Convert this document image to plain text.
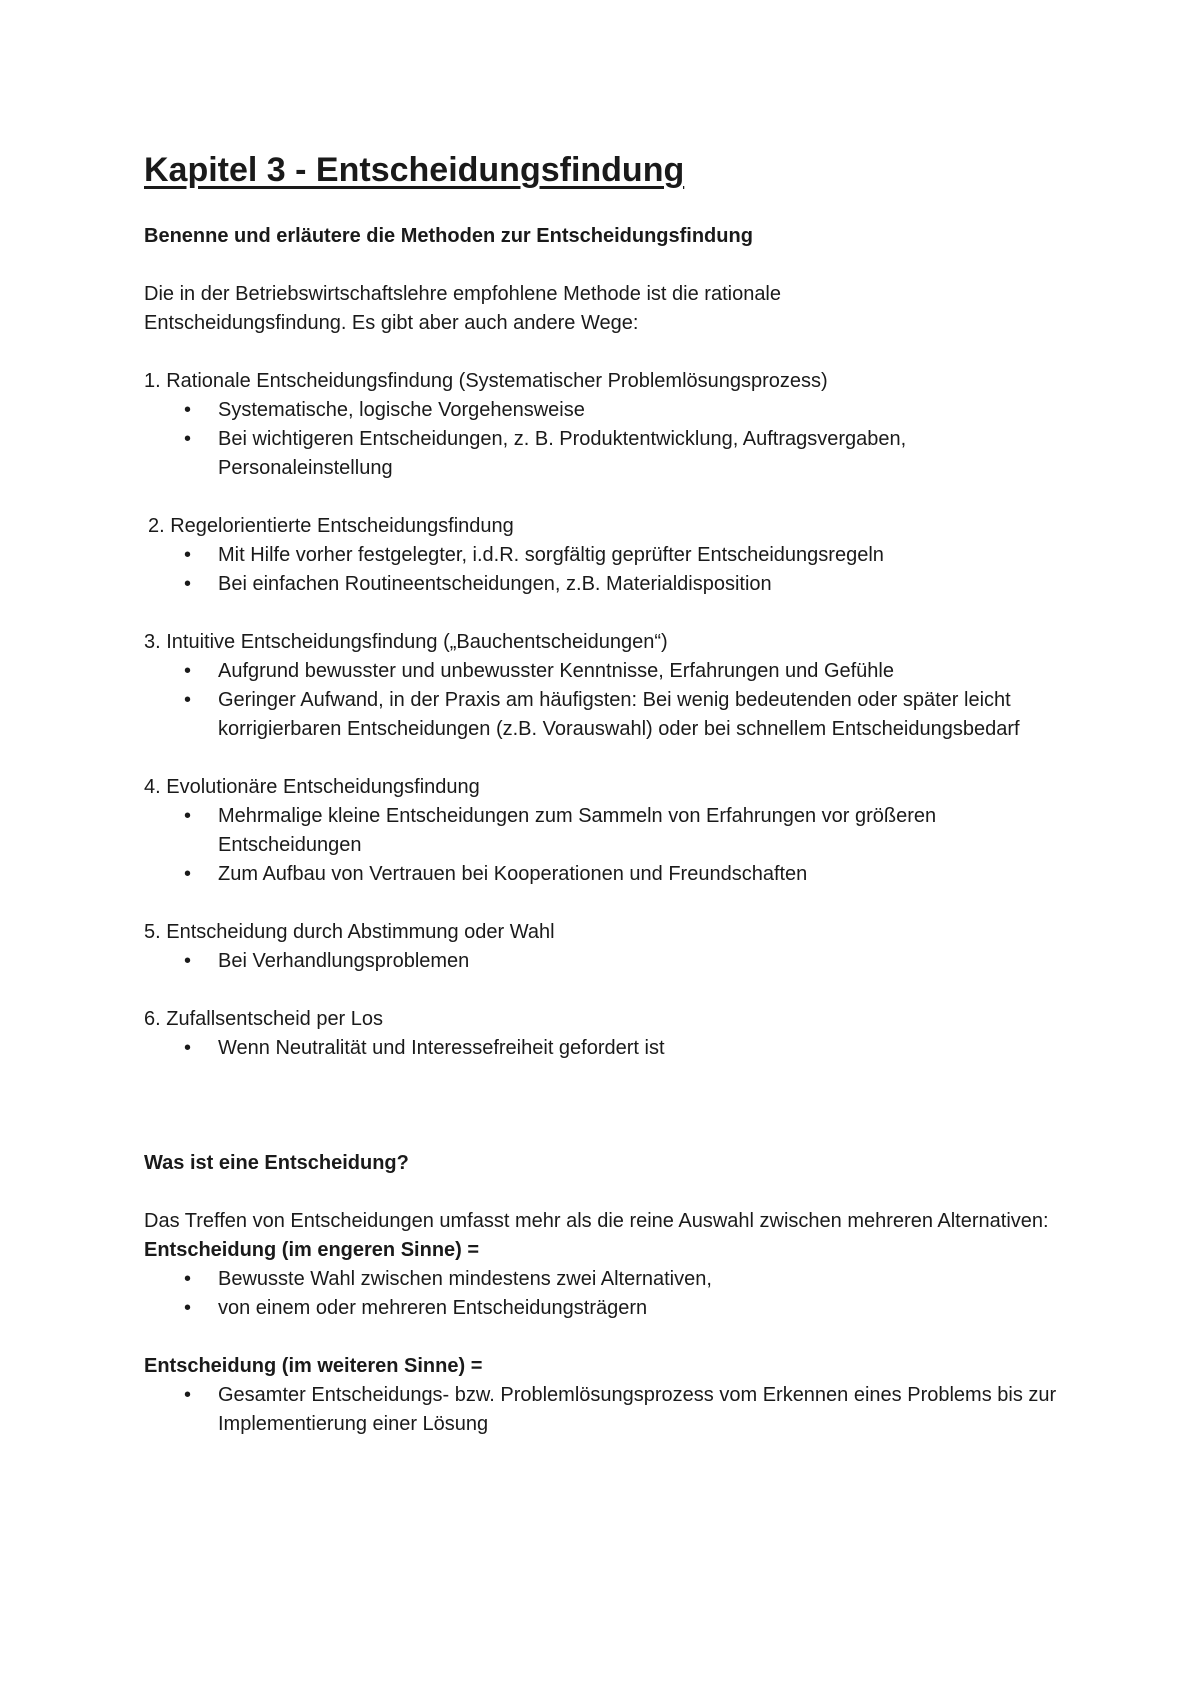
Kapitel 3 - Entscheidungsfindung

Benenne und erläutere die Methoden zur Entscheidungsfindung

Die in der Betriebswirtschaftslehre empfohlene Methode ist die rationale

Entscheidungsfindung. Es gibt aber auch andere Wege:

1. Rationale Entscheidungsfindung (Systematischer Problemlösungsprozess)

• Systematische, logische Vorgehensweise
• Bei wichtigeren Entscheidungen, z. B. Produktentwicklung, Auftragsvergaben, Personaleinstellung

2. Regelorientierte Entscheidungsfindung

• Mit Hilfe vorher festgelegter, i.d.R. sorgfältig geprüfter Entscheidungsregeln
• Bei einfachen Routineentscheidungen, z.B. Materialdisposition

3. Intuitive Entscheidungsfindung („Bauchentscheidungen“)

• Aufgrund bewusster und unbewusster Kenntnisse, Erfahrungen und Gefühle
• Geringer Aufwand, in der Praxis am häufigsten: Bei wenig bedeutenden oder später leicht korrigierbaren Entscheidungen (z.B. Vorauswahl) oder bei schnellem Entscheidungsbedarf

4. Evolutionäre Entscheidungsfindung

• Mehrmalige kleine Entscheidungen zum Sammeln von Erfahrungen vor größeren Entscheidungen
• Zum Aufbau von Vertrauen bei Kooperationen und Freundschaften

5. Entscheidung durch Abstimmung oder Wahl

• Bei Verhandlungsproblemen

6. Zufallsentscheid per Los

• Wenn Neutralität und Interessefreiheit gefordert ist

Was ist eine Entscheidung?

Das Treffen von Entscheidungen umfasst mehr als die reine Auswahl zwischen mehreren Alternativen:

Entscheidung (im engeren Sinne) =

• Bewusste Wahl zwischen mindestens zwei Alternativen,
• von einem oder mehreren Entscheidungsträgern

Entscheidung (im weiteren Sinne) =

• Gesamter Entscheidungs- bzw. Problemlösungsprozess vom Erkennen eines Problems bis zur Implementierung einer Lösung
